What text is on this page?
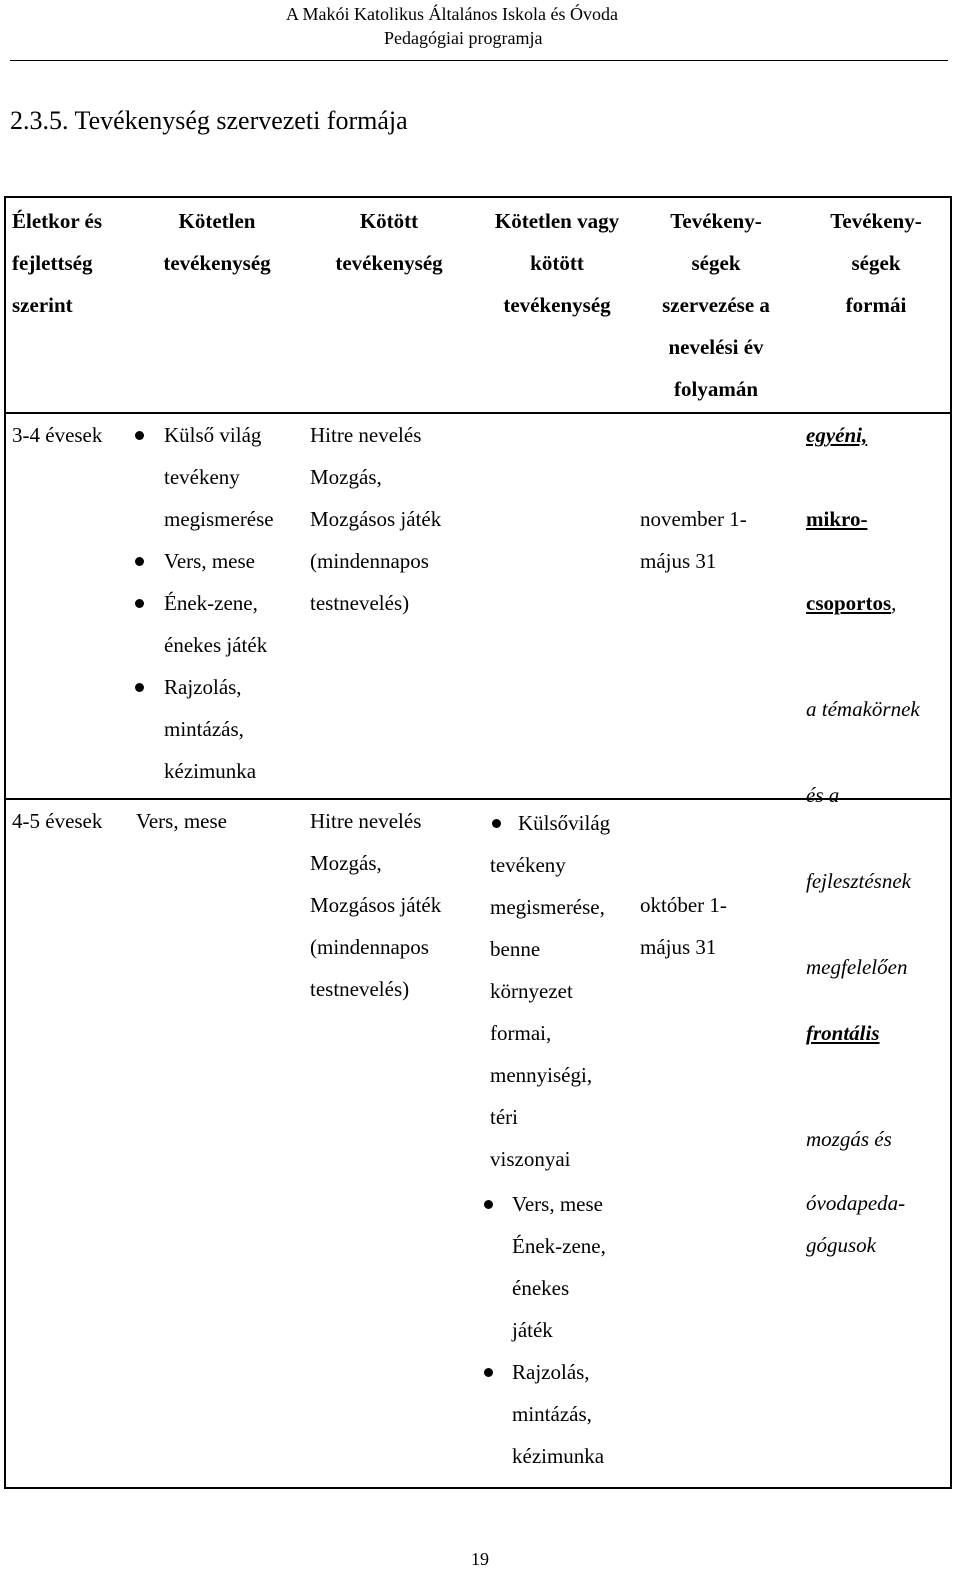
A Makói Katolikus Általános Iskola és Óvoda
Pedagógiai programja
2.3.5. Tevékenység szervezeti formája
Életkor és
fejlettség
szerint
Kötetlen
tevékenység
Kötött
tevékenység
Kötetlen vagy
kötött
tevékenység
Tevékeny-
ségek
szervezése a
nevelési év
folyamán
Tevékeny-
ségek
formái
3-4 évesek	Külső világ
tevékeny
megismerése
Vers, mese
Ének-zene,
énekes játék
Rajzolás,
mintázás,
kézimunka
Hitre nevelés
Mozgás,
Mozgásos játék
(mindennapos
testnevelés)
november 1-
május 31
4-5 évesek Vers, mese	Hitre nevelés
Mozgás,
Mozgásos játék
(mindennapos
testnevelés)
Külsővilág
tevékeny
megismerése,
benne
környezet
formai,
mennyiségi,
téri
viszonyai
Vers, mese
Ének-zene,
énekes
játék
Rajzolás,
mintázás,
kézimunka
október 1-
május 31
egyéni,
mikro-
csoportos,
a témakörnek
és a
fejlesztésnek
megfelelően
frontális
mozgás és
óvodapeda-
gógusok
19
